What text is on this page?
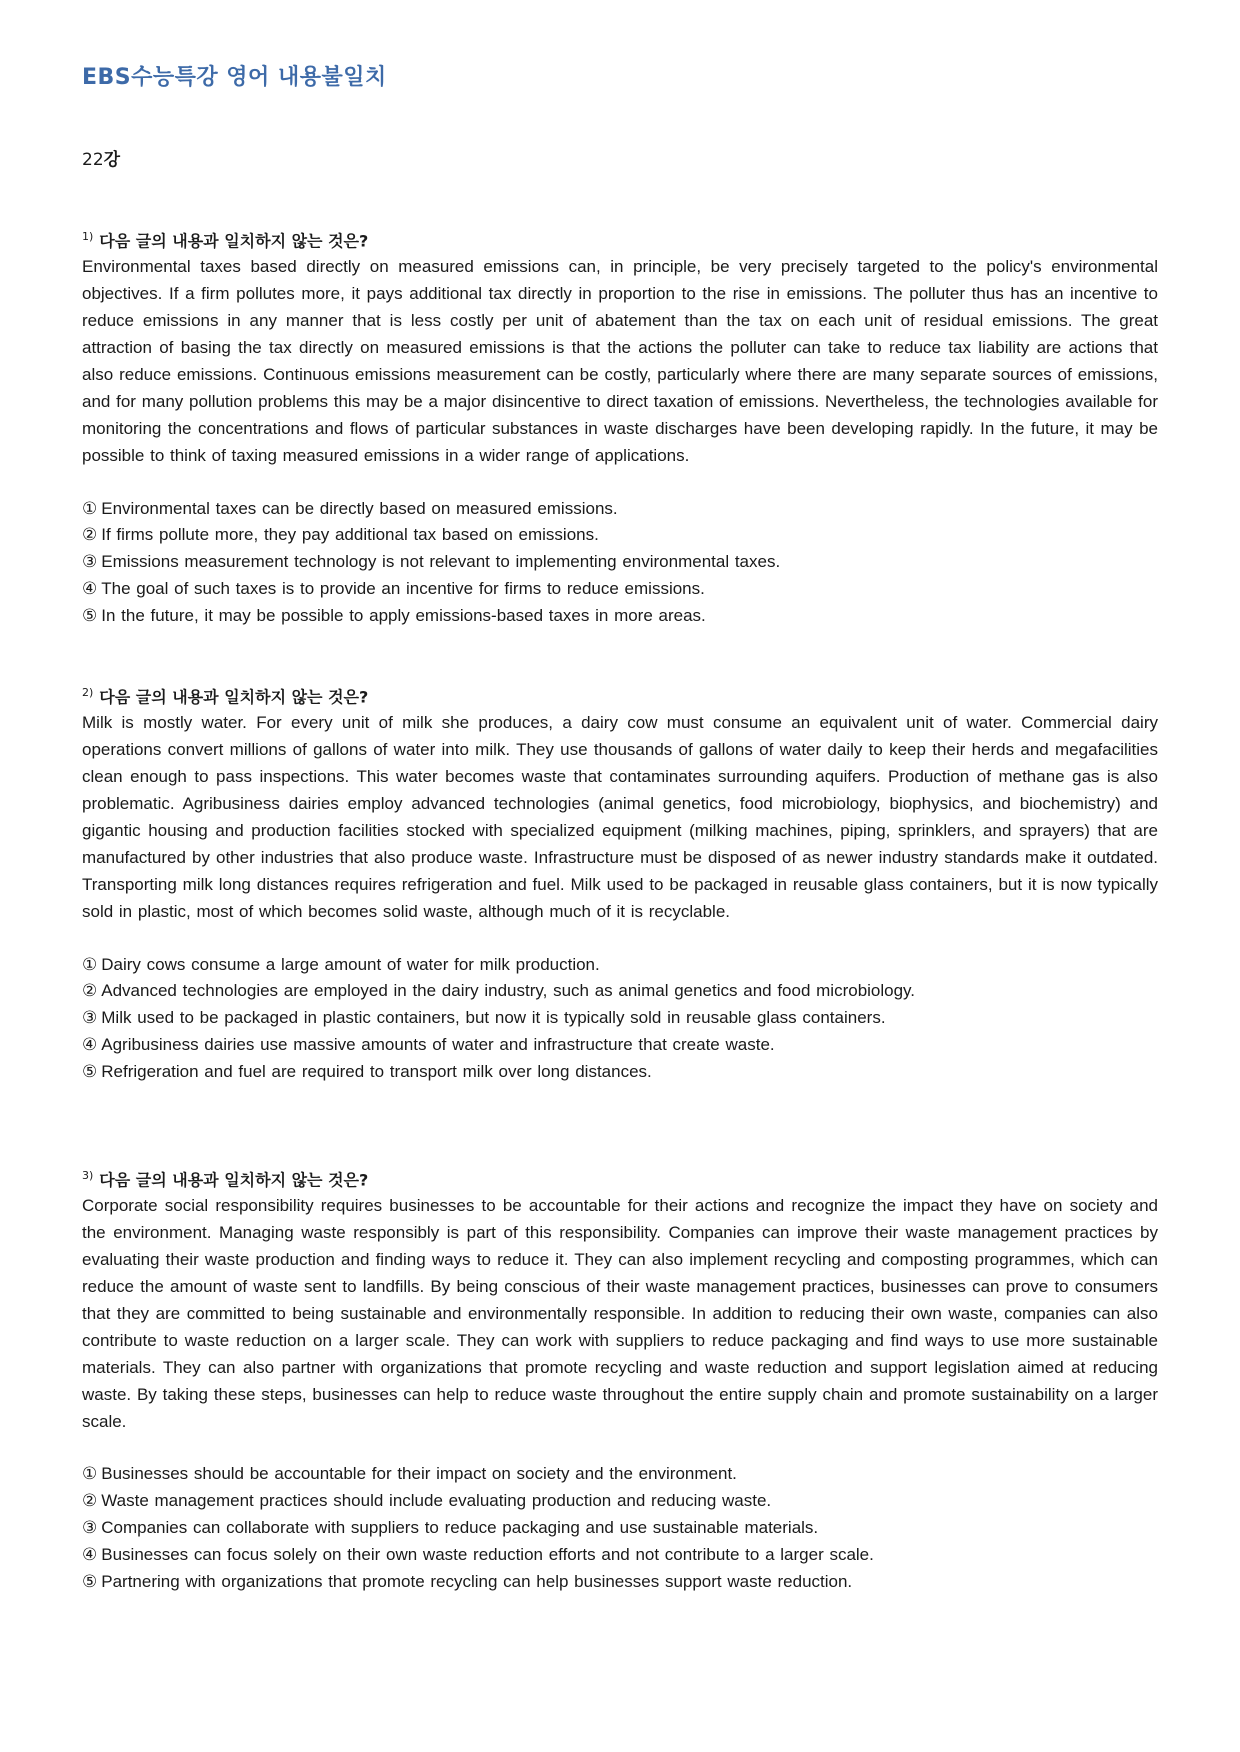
EBS수능특강 영어 내용불일치
22강

$^{1)}$ 다음 글의 내용과 일치하지 않는 것은?

Environmental taxes based directly on measured emissions can, in principle, be very precisely targeted to the policy's environmental objectives. If a firm pollutes more, it pays additional tax directly in proportion to the rise in emissions. The polluter thus has an incentive to reduce emissions in any manner that is less costly per unit of abatement than the tax on each unit of residual emissions. The great attraction of basing the tax directly on measured emissions is that the actions the polluter can take to reduce tax liability are actions that also reduce emissions. Continuous emissions measurement can be costly, particularly where there are many separate sources of emissions, and for many pollution problems this may be a major disincentive to direct taxation of emissions. Nevertheless, the technologies available for monitoring the concentrations and flows of particular substances in waste discharges have been developing rapidly. In the future, it may be possible to think of taxing measured emissions in a wider range of applications.

① Environmental taxes can be directly based on measured emissions.
② If firms pollute more, they pay additional tax based on emissions.
③ Emissions measurement technology is not relevant to implementing environmental taxes.
④ The goal of such taxes is to provide an incentive for firms to reduce emissions.
⑤ In the future, it may be possible to apply emissions-based taxes in more areas.

$^{2)}$ 다음 글의 내용과 일치하지 않는 것은?

Milk is mostly water. For every unit of milk she produces, a dairy cow must consume an equivalent unit of water. Commercial dairy operations convert millions of gallons of water into milk. They use thousands of gallons of water daily to keep their herds and megafacilities clean enough to pass inspections. This water becomes waste that contaminates surrounding aquifers. Production of methane gas is also problematic. Agribusiness dairies employ advanced technologies (animal genetics, food microbiology, biophysics, and biochemistry) and gigantic housing and production facilities stocked with specialized equipment (milking machines, piping, sprinklers, and sprayers) that are manufactured by other industries that also produce waste. Infrastructure must be disposed of as newer industry standards make it outdated. Transporting milk long distances requires refrigeration and fuel. Milk used to be packaged in reusable glass containers, but it is now typically sold in plastic, most of which becomes solid waste, although much of it is recyclable.

① Dairy cows consume a large amount of water for milk production.
② Advanced technologies are employed in the dairy industry, such as animal genetics and food microbiology.
③ Milk used to be packaged in plastic containers, but now it is typically sold in reusable glass containers.
④ Agribusiness dairies use massive amounts of water and infrastructure that create waste.
⑤ Refrigeration and fuel are required to transport milk over long distances.

$^{3)}$ 다음 글의 내용과 일치하지 않는 것은?

Corporate social responsibility requires businesses to be accountable for their actions and recognize the impact they have on society and the environment. Managing waste responsibly is part of this responsibility. Companies can improve their waste management practices by evaluating their waste production and finding ways to reduce it. They can also implement recycling and composting programmes, which can reduce the amount of waste sent to landfills. By being conscious of their waste management practices, businesses can prove to consumers that they are committed to being sustainable and environmentally responsible. In addition to reducing their own waste, companies can also contribute to waste reduction on a larger scale. They can work with suppliers to reduce packaging and find ways to use more sustainable materials. They can also partner with organizations that promote recycling and waste reduction and support legislation aimed at reducing waste. By taking these steps, businesses can help to reduce waste throughout the entire supply chain and promote sustainability on a larger scale.

① Businesses should be accountable for their impact on society and the environment.
② Waste management practices should include evaluating production and reducing waste.
③ Companies can collaborate with suppliers to reduce packaging and use sustainable materials.
④ Businesses can focus solely on their own waste reduction efforts and not contribute to a larger scale.
⑤ Partnering with organizations that promote recycling can help businesses support waste reduction.
